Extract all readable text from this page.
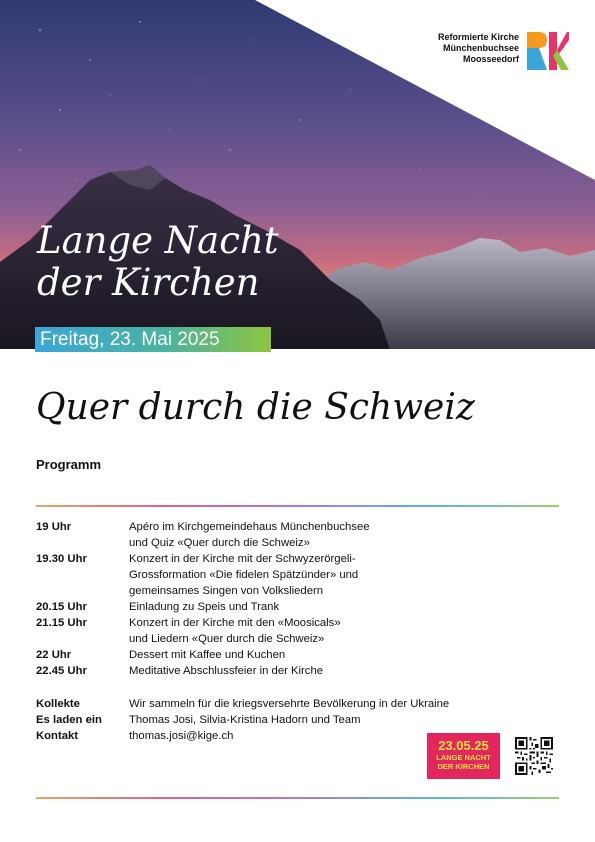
Reformierte Kirche
Münchenbuchsee
Moosseedorf
Lange Nacht
der Kirchen
Freitag, 23. Mai 2025
Quer durch die Schweiz
Programm
19 Uhr	Apéro im Kirchgemeindehaus Münchenbuchsee
und Quiz «Quer durch die Schweiz»
19.30 Uhr	Konzert in der Kirche mit der Schwyzerörgeli-
Grossformation «Die fidelen Spätzünder» und
gemeinsames Singen von Volksliedern
20.15 Uhr	Einladung zu Speis und Trank
21.15 Uhr	Konzert in der Kirche mit den «Moosicals»
und Liedern «Quer durch die Schweiz»
22 Uhr	Dessert mit Kaffee und Kuchen
22.45 Uhr	Meditative Abschlussfeier in der Kirche
Kollekte	Wir sammeln für die kriegsversehrte Bevölkerung in der Ukraine
Es laden ein	Thomas Josi, Silvia-Kristina Hadorn und Team
Kontakt	thomas.josi@kige.ch
23.05.25
LANGE NACHT
DER KIRCHEN
